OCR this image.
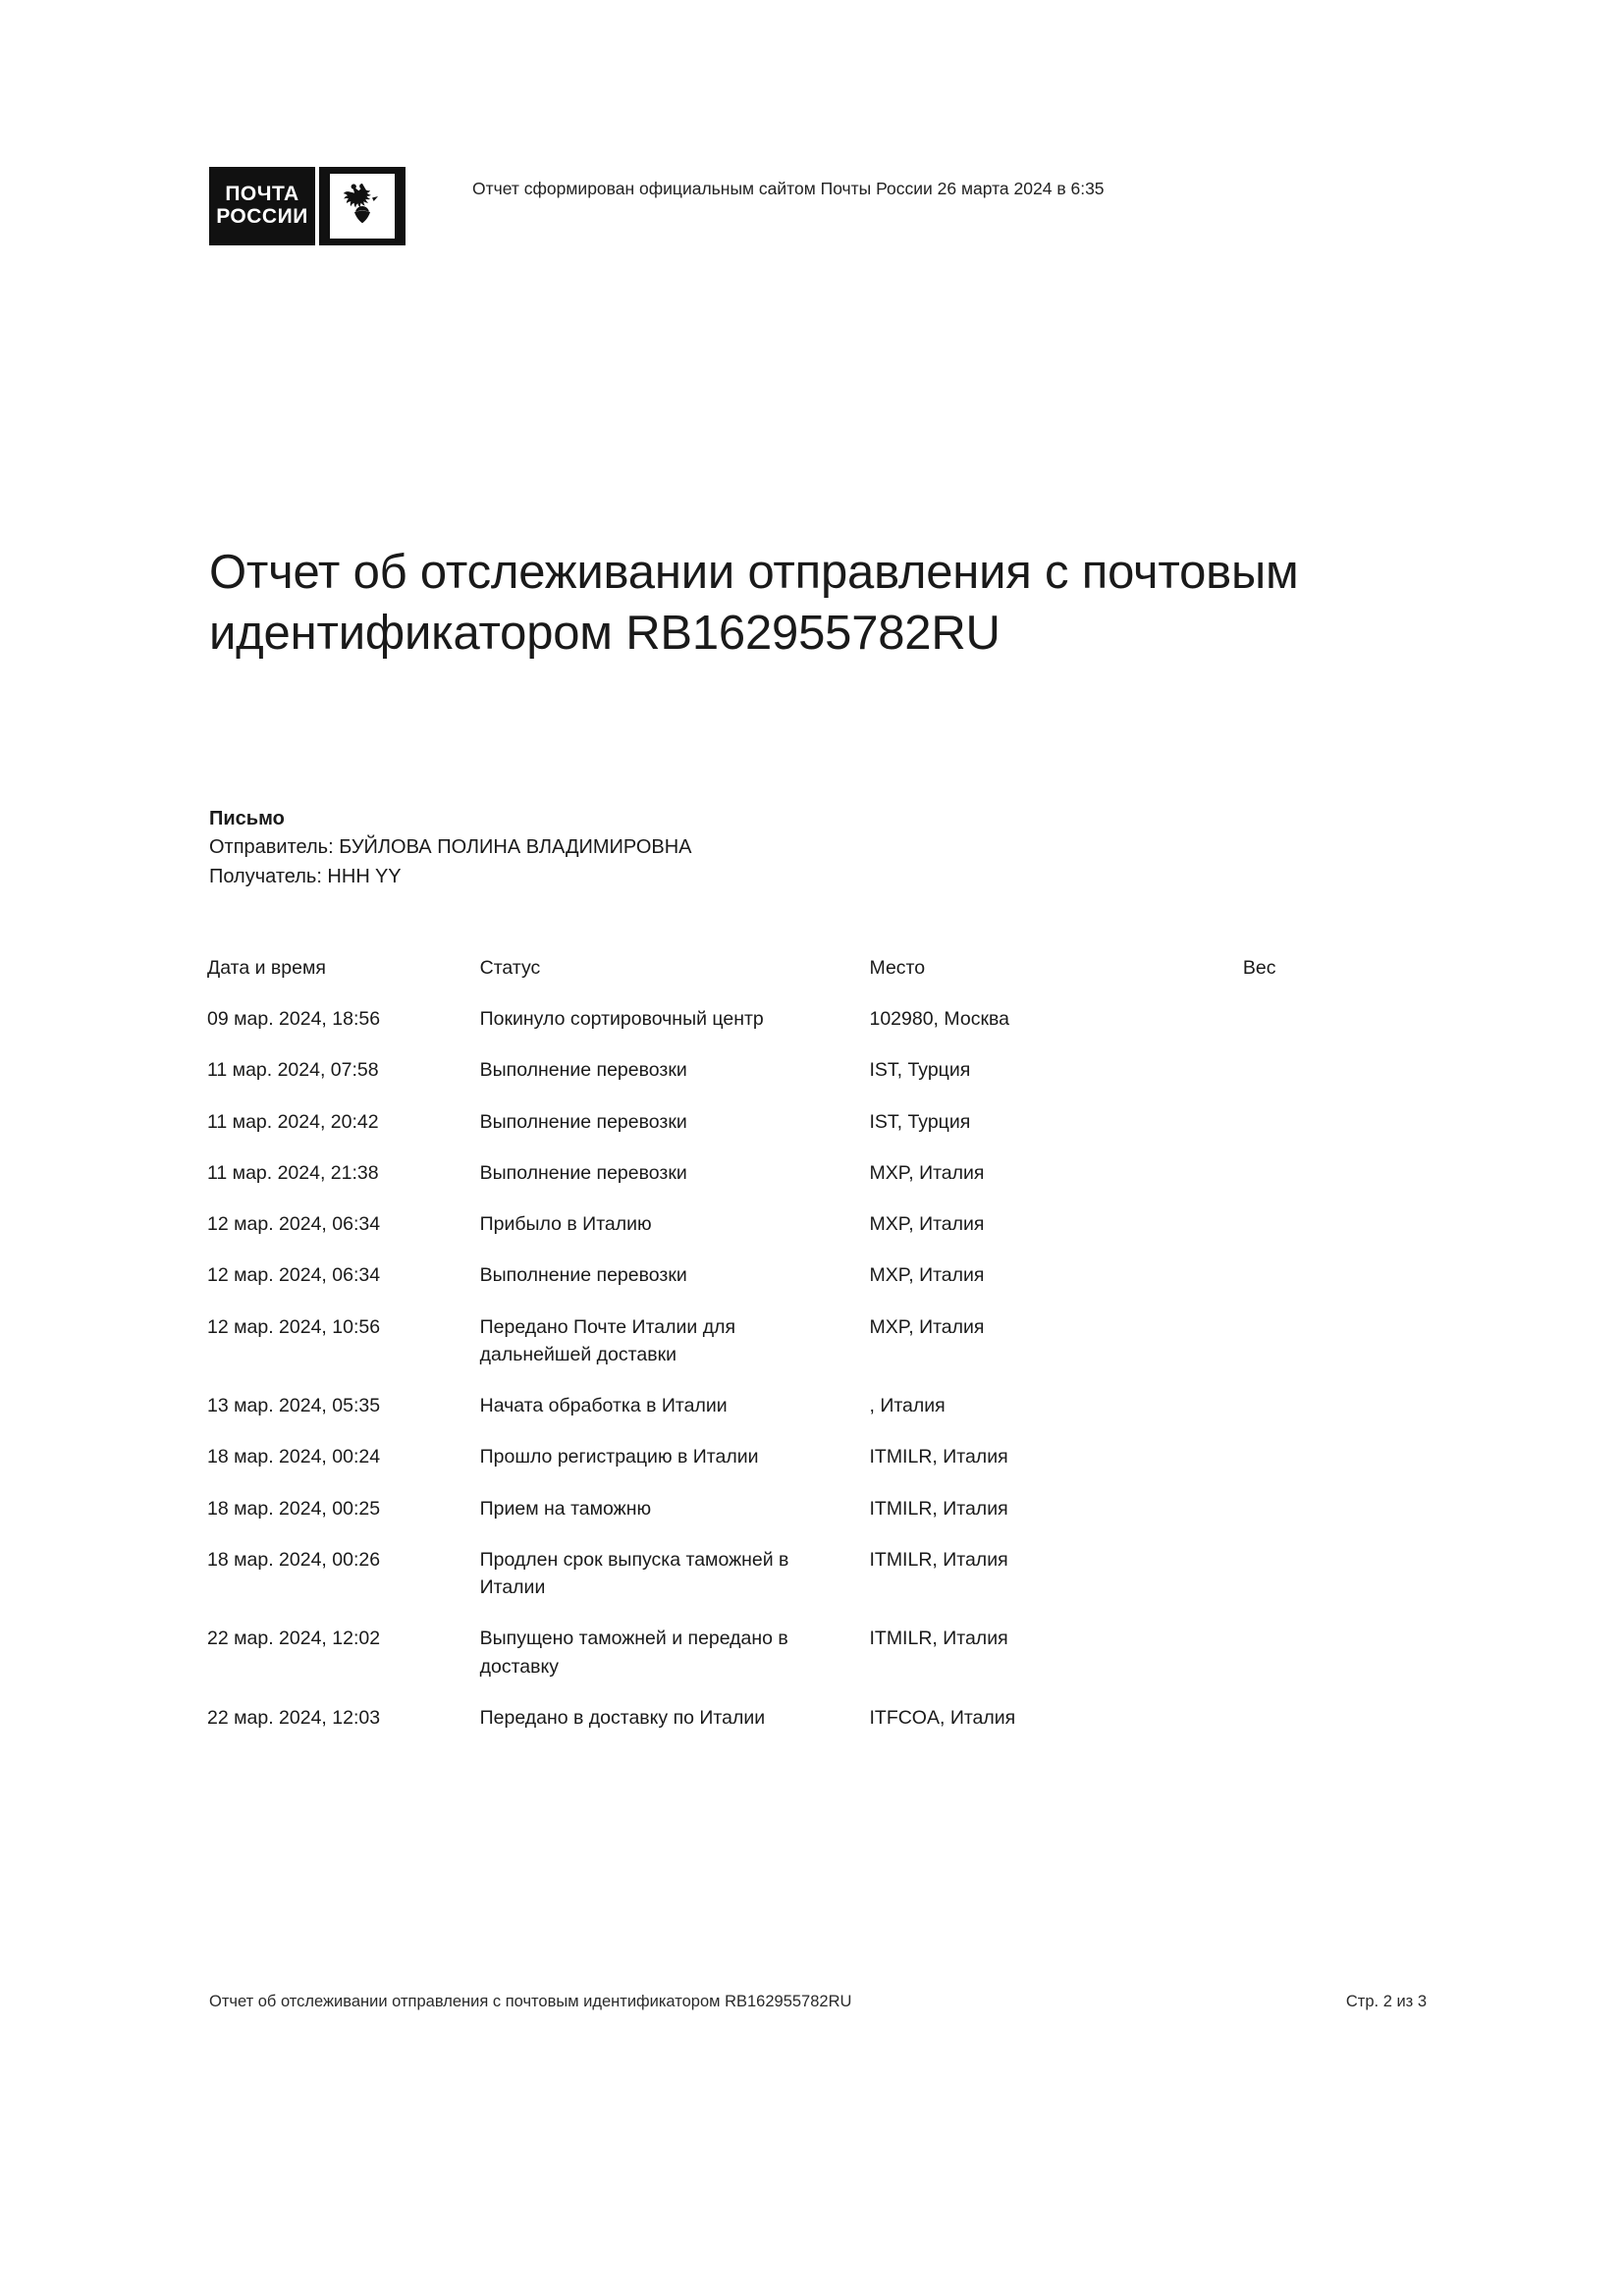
ПОЧТА
РОССИИ
Отчет сформирован официальным сайтом Почты России 26 марта 2024 в 6:35
Отчет об отслеживании отправления с почтовым идентификатором RB162955782RU
Письмо
Отправитель: БУЙЛОВА ПОЛИНА ВЛАДИМИРОВНА
Получатель: HHH YY
Дата и время	Статус	Место	Вес
09 мар. 2024, 18:56	Покинуло сортировочный центр	102980, Москва	
11 мар. 2024, 07:58	Выполнение перевозки	IST, Турция	
11 мар. 2024, 20:42	Выполнение перевозки	IST, Турция	
11 мар. 2024, 21:38	Выполнение перевозки	MXP, Италия	
12 мар. 2024, 06:34	Прибыло в Италию	MXP, Италия	
12 мар. 2024, 06:34	Выполнение перевозки	MXP, Италия	
12 мар. 2024, 10:56	Передано Почте Италии для дальнейшей доставки	MXP, Италия	
13 мар. 2024, 05:35	Начата обработка в Италии	, Италия	
18 мар. 2024, 00:24	Прошло регистрацию в Италии	ITMILR, Италия	
18 мар. 2024, 00:25	Прием на таможню	ITMILR, Италия	
18 мар. 2024, 00:26	Продлен срок выпуска таможней в Италии	ITMILR, Италия	
22 мар. 2024, 12:02	Выпущено таможней и передано в доставку	ITMILR, Италия	
22 мар. 2024, 12:03	Передано в доставку по Италии	ITFCOA, Италия	
Отчет об отслеживании отправления с почтовым идентификатором RB162955782RU	Стр. 2 из 3
